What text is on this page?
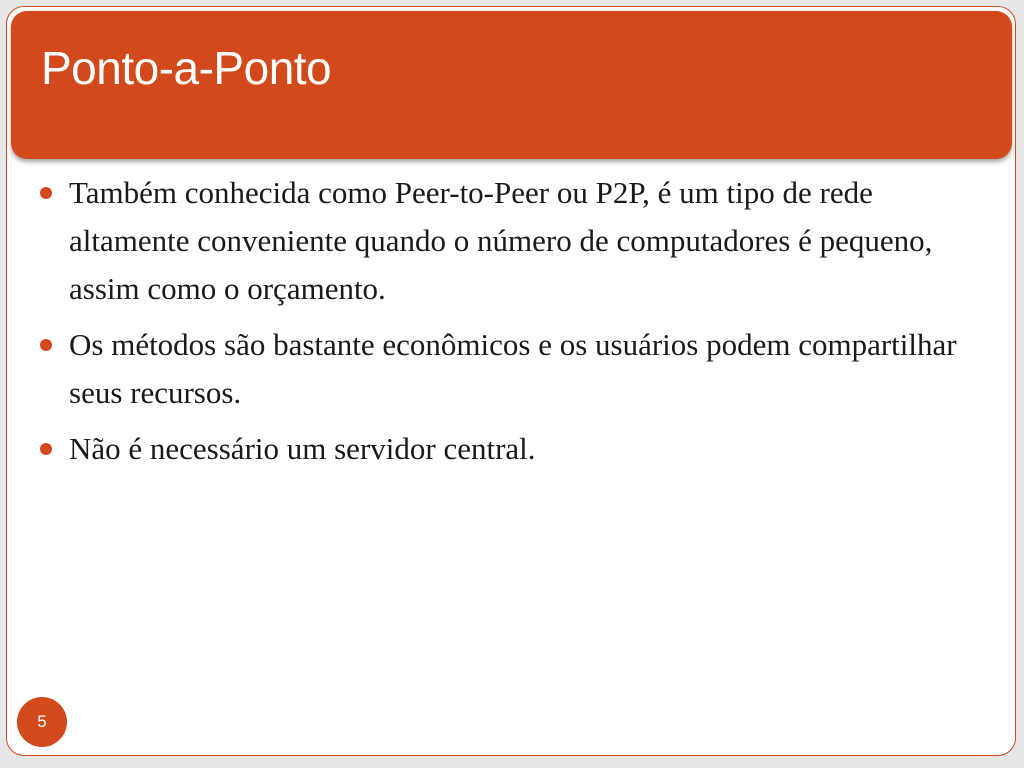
Ponto-a-Ponto
Também conhecida como Peer-to-Peer ou P2P, é um tipo de rede altamente conveniente quando o número de computadores é pequeno, assim como o orçamento.
Os métodos são bastante econômicos e os usuários podem compartilhar seus recursos.
Não é necessário um servidor central.
5
